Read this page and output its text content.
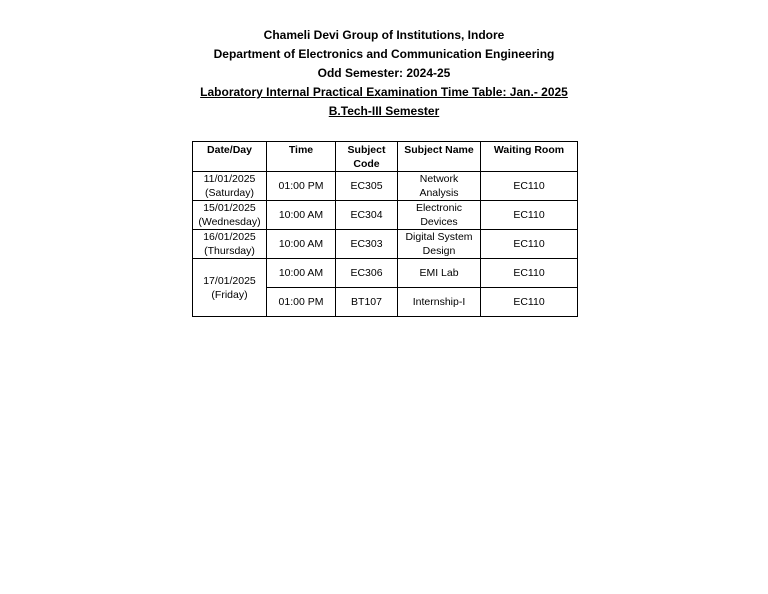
Chameli Devi Group of Institutions, Indore
Department of Electronics and Communication Engineering
Odd Semester: 2024-25
Laboratory Internal Practical Examination Time Table: Jan.- 2025
B.Tech-III Semester
Date/Day	Time	Subject Code	Subject Name	Waiting Room

11/01/2025
(Saturday)	01:00 PM	EC305	Network Analysis	EC110

15/01/2025
(Wednesday)	10:00 AM	EC304	Electronic Devices	EC110

16/01/2025
(Thursday)	10:00 AM	EC303	Digital System Design	EC110

17/01/2025
(Friday)	10:00 AM	EC306	EMI Lab	EC110
	01:00 PM	BT107	Internship-I	EC110
